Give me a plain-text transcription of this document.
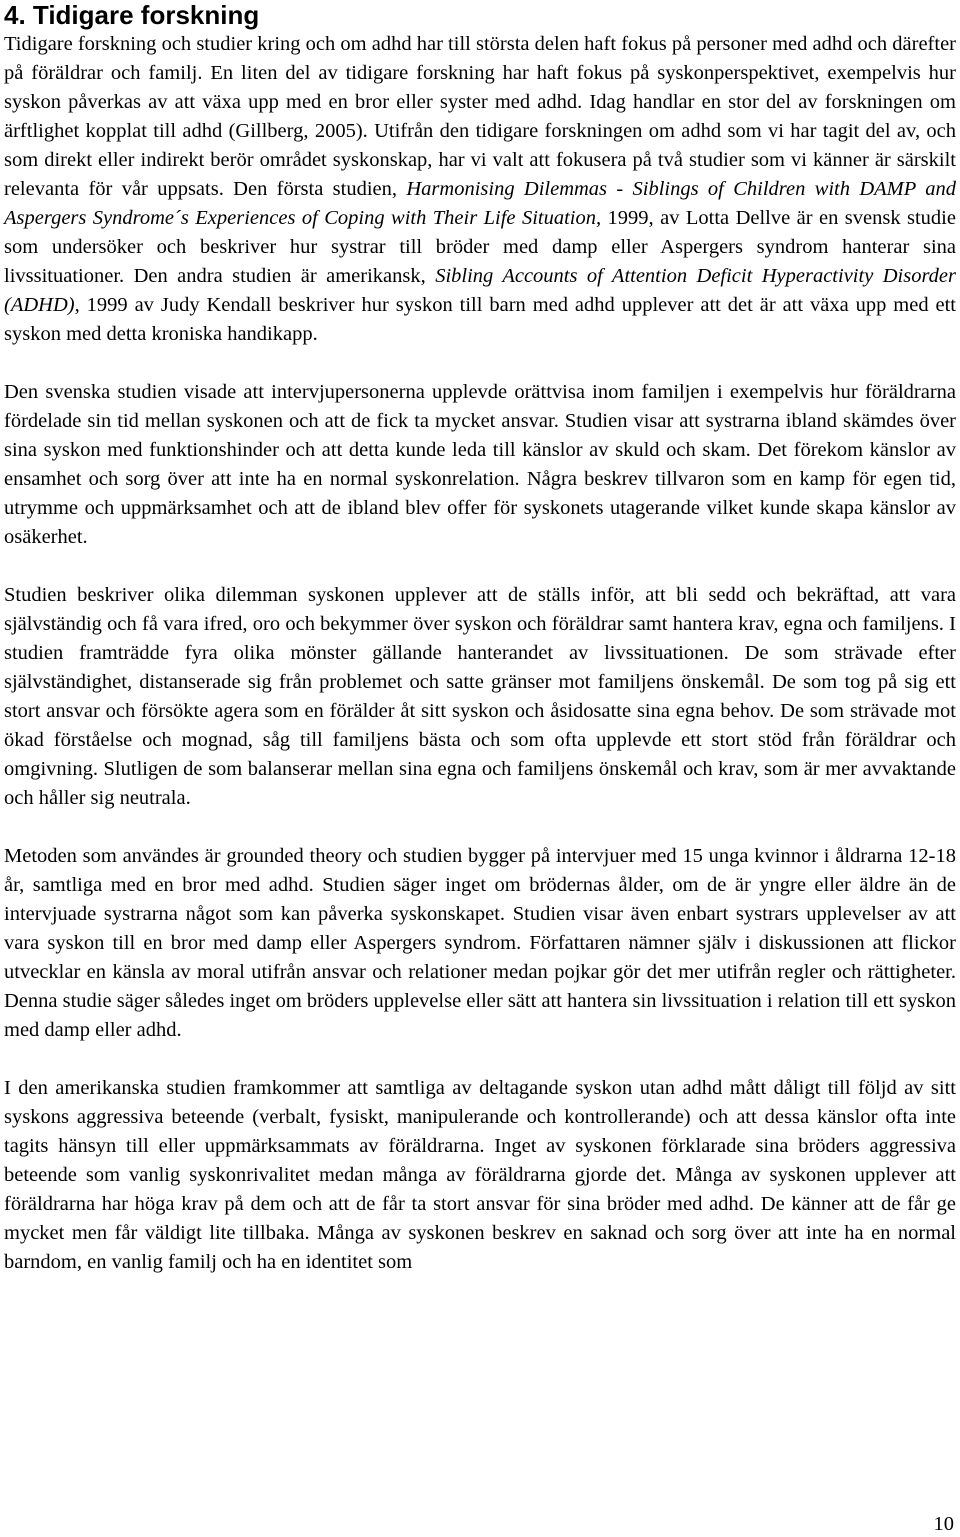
4. Tidigare forskning

Tidigare forskning och studier kring och om adhd har till största delen haft fokus på personer med adhd och därefter på föräldrar och familj. En liten del av tidigare forskning har haft fokus på syskonperspektivet, exempelvis hur syskon påverkas av att växa upp med en bror eller syster med adhd. Idag handlar en stor del av forskningen om ärftlighet kopplat till adhd (Gillberg, 2005). Utifrån den tidigare forskningen om adhd som vi har tagit del av, och som direkt eller indirekt berör området syskonskap, har vi valt att fokusera på två studier som vi känner är särskilt relevanta för vår uppsats. Den första studien, Harmonising Dilemmas - Siblings of Children with DAMP and Aspergers Syndrome´s Experiences of Coping with Their Life Situation, 1999, av Lotta Dellve är en svensk studie som undersöker och beskriver hur systrar till bröder med damp eller Aspergers syndrom hanterar sina livssituationer. Den andra studien är amerikansk, Sibling Accounts of Attention Deficit Hyperactivity Disorder (ADHD), 1999 av Judy Kendall beskriver hur syskon till barn med adhd upplever att det är att växa upp med ett syskon med detta kroniska handikapp.

Den svenska studien visade att intervjupersonerna upplevde orättvisa inom familjen i exempelvis hur föräldrarna fördelade sin tid mellan syskonen och att de fick ta mycket ansvar. Studien visar att systrarna ibland skämdes över sina syskon med funktionshinder och att detta kunde leda till känslor av skuld och skam. Det förekom känslor av ensamhet och sorg över att inte ha en normal syskonrelation. Några beskrev tillvaron som en kamp för egen tid, utrymme och uppmärksamhet och att de ibland blev offer för syskonets utagerande vilket kunde skapa känslor av osäkerhet.

Studien beskriver olika dilemman syskonen upplever att de ställs inför, att bli sedd och bekräftad, att vara självständig och få vara ifred, oro och bekymmer över syskon och föräldrar samt hantera krav, egna och familjens. I studien framträdde fyra olika mönster gällande hanterandet av livssituationen. De som strävade efter självständighet, distanserade sig från problemet och satte gränser mot familjens önskemål. De som tog på sig ett stort ansvar och försökte agera som en förälder åt sitt syskon och åsidosatte sina egna behov. De som strävade mot ökad förståelse och mognad, såg till familjens bästa och som ofta upplevde ett stort stöd från föräldrar och omgivning. Slutligen de som balanserar mellan sina egna och familjens önskemål och krav, som är mer avvaktande och håller sig neutrala.

Metoden som användes är grounded theory och studien bygger på intervjuer med 15 unga kvinnor i åldrarna 12-18 år, samtliga med en bror med adhd. Studien säger inget om brödernas ålder, om de är yngre eller äldre än de intervjuade systrarna något som kan påverka syskonskapet. Studien visar även enbart systrars upplevelser av att vara syskon till en bror med damp eller Aspergers syndrom. Författaren nämner själv i diskussionen att flickor utvecklar en känsla av moral utifrån ansvar och relationer medan pojkar gör det mer utifrån regler och rättigheter. Denna studie säger således inget om bröders upplevelse eller sätt att hantera sin livssituation i relation till ett syskon med damp eller adhd.

I den amerikanska studien framkommer att samtliga av deltagande syskon utan adhd mått dåligt till följd av sitt syskons aggressiva beteende (verbalt, fysiskt, manipulerande och kontrollerande) och att dessa känslor ofta inte tagits hänsyn till eller uppmärksammats av föräldrarna. Inget av syskonen förklarade sina bröders aggressiva beteende som vanlig syskonrivalitet medan många av föräldrarna gjorde det. Många av syskonen upplever att föräldrarna har höga krav på dem och att de får ta stort ansvar för sina bröder med adhd. De känner att de får ge mycket men får väldigt lite tillbaka. Många av syskonen beskrev en saknad och sorg över att inte ha en normal barndom, en vanlig familj och ha en identitet som

10
